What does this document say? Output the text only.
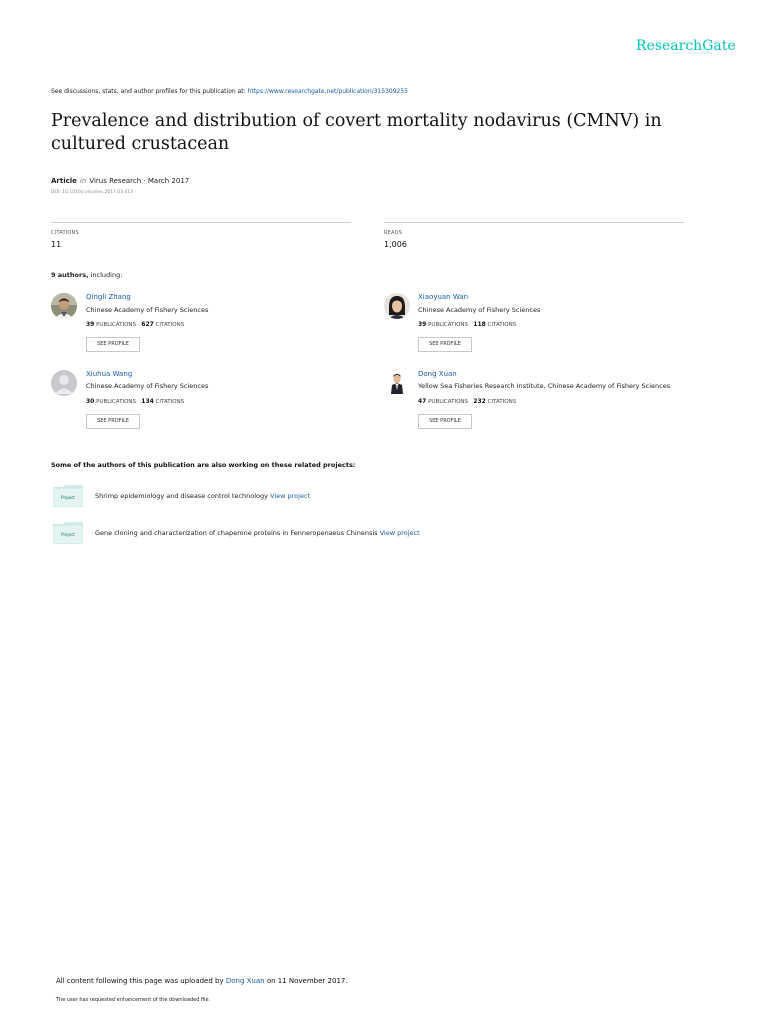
ResearchGate
See discussions, stats, and author profiles for this publication at: https://www.researchgate.net/publication/315309255
Prevalence and distribution of covert mortality nodavirus (CMNV) in cultured crustacean
Article in Virus Research · March 2017
DOI: 10.1016/j.virusres.2017.03.013
CITATIONS
11
READS
1,006
9 authors, including:
Qingli Zhang
Chinese Academy of Fishery Sciences
39 PUBLICATIONS 627 CITATIONS
SEE PROFILE
Xiaoyuan Wan
Chinese Academy of Fishery Sciences
39 PUBLICATIONS 118 CITATIONS
SEE PROFILE
Xiuhua Wang
Chinese Academy of Fishery Sciences
30 PUBLICATIONS 134 CITATIONS
SEE PROFILE
Dong Xuan
Yellow Sea Fisheries Research Institute, Chinese Academy of Fishery Sciences
47 PUBLICATIONS 232 CITATIONS
SEE PROFILE
Some of the authors of this publication are also working on these related projects:
Project	Shrimp epidemiology and disease control technology View project
Project	Gene cloning and characterization of chaperone proteins in Fenneropenaeus Chinensis View project
All content following this page was uploaded by Dong Xuan on 11 November 2017.
The user has requested enhancement of the downloaded file.
